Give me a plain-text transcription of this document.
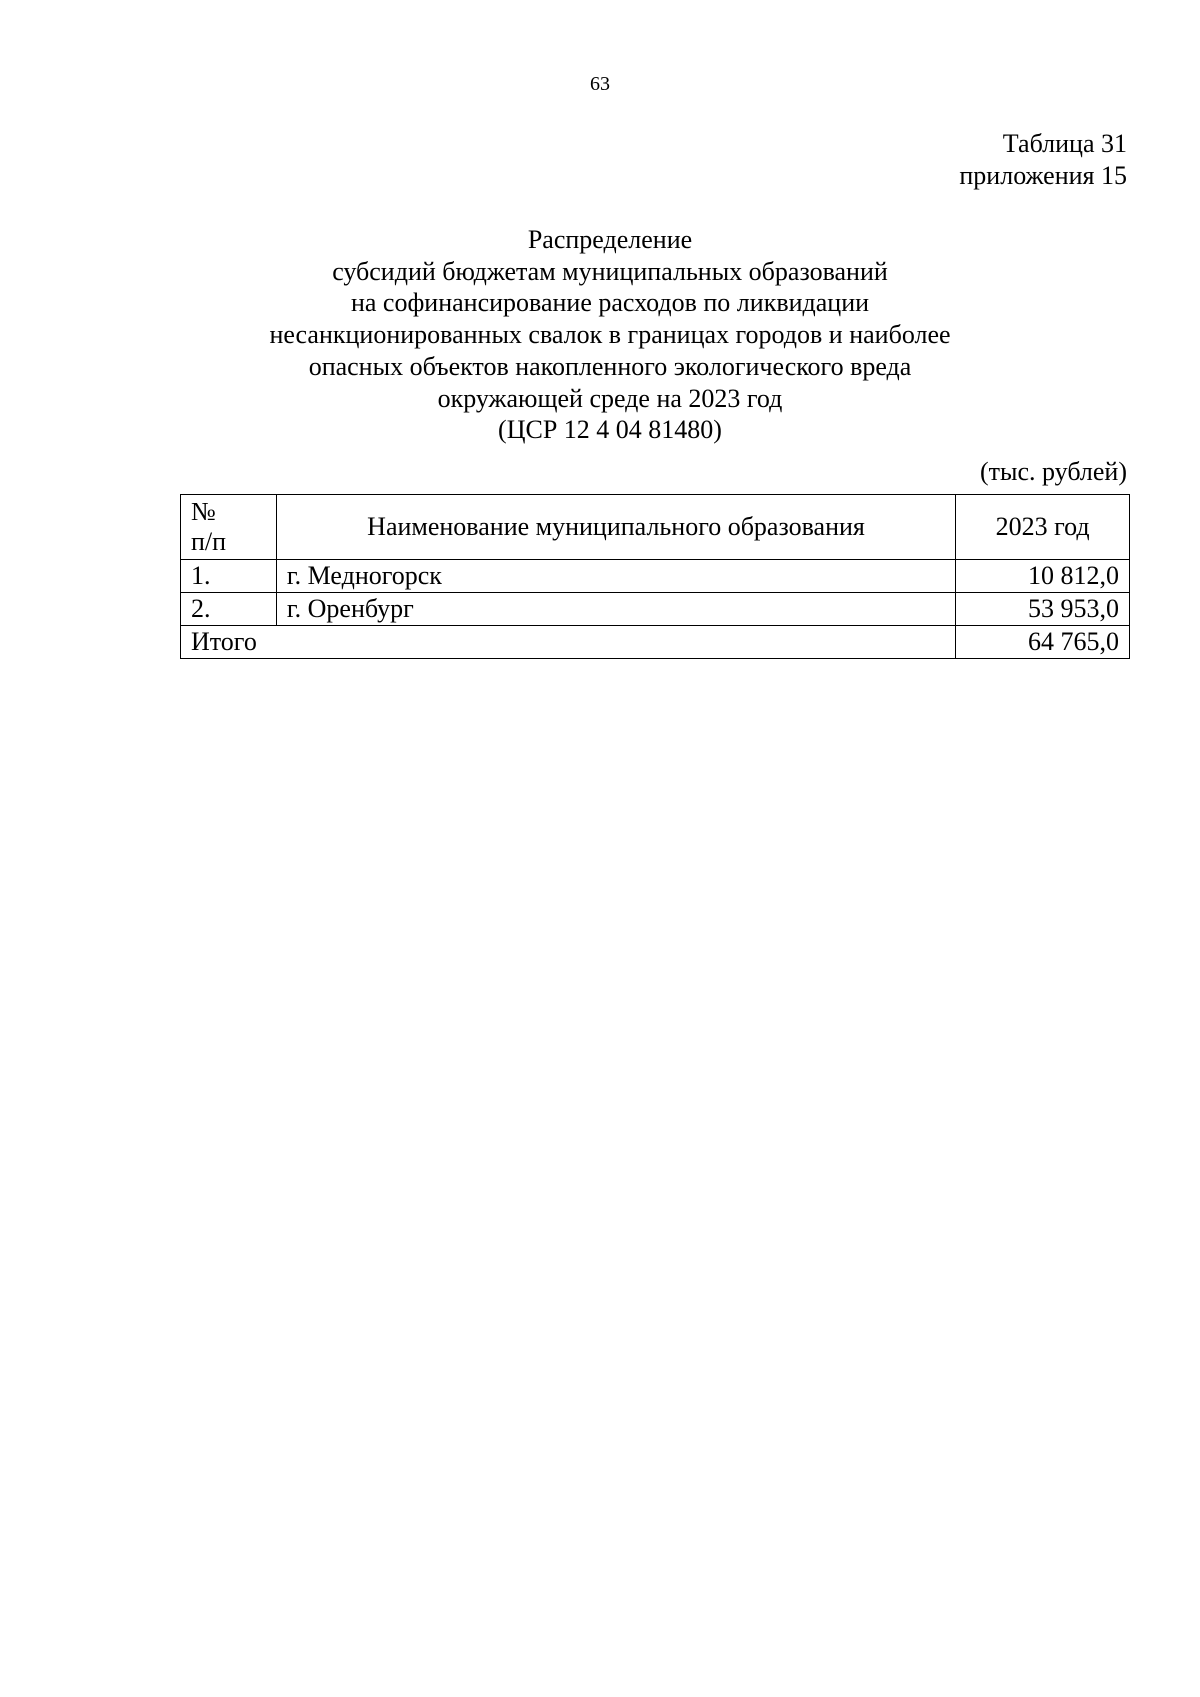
63
Таблица 31
приложения 15
Распределение
субсидий бюджетам муниципальных образований
на софинансирование расходов по ликвидации
несанкционированных свалок в границах городов и наиболее
опасных объектов накопленного экологического вреда
окружающей среде на 2023 год
(ЦСР 12 4 04 81480)
(тыс. рублей)
№
п/п	Наименование муниципального образования	2023 год
1.	г. Медногорск	10 812,0
2.	г. Оренбург	53 953,0
Итого		64 765,0
